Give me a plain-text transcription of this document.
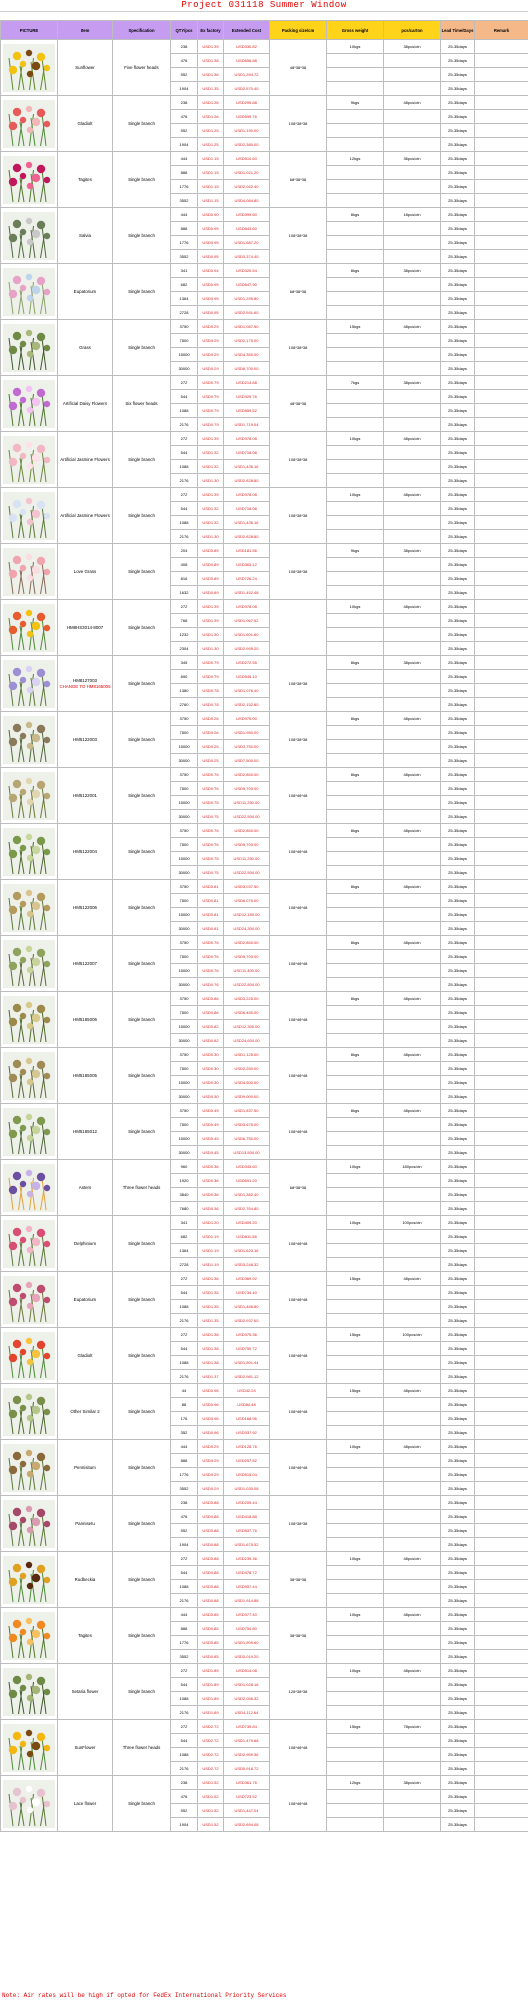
Project 031118 Summer Window
PICTURE	Item	Specification	QTY/pcs	Ex factory	Extended Cost	Packing size/cm	Gross weight	pcs/carton	Lead Time/Days	Remark

	Sunflower	Five flower heads	238	USD1.39	USD330.82	48*38*38	10kgs	38pcs/ctn	25-35days	
			476	USD1.38	USD656.88				25-35days	
			952	USD1.36	USD1,294.72				25-35days	
			1904	USD1.35	USD2,570.40				25-35days	

	Gladiolt	Single branch	238	USD1.26	USD299.88	108*38*38	9kgs	48pcs/ctn	25-35days	
			476	USD1.26	USD599.76				25-35days	
			952	USD1.25	USD1,190.00				25-35days	
			1904	USD1.25	USD2,380.00				25-35days	

	Tagites	Single branch	444	USD1.15	USD510.60	68*38*38	12kgs	36pcs/ctn	25-35days	
			888	USD1.15	USD1,021.20				25-35days	
			1776	USD1.15	USD2,042.40				25-35days	
			3552	USD1.15	USD4,084.80				25-35days	

	Salvia	Single branch	444	USD0.90	USD399.60	108*38*38	8kgs	18pcs/ctn	25-35days	
			888	USD0.95	USD843.60				25-35days	
			1776	USD0.95	USD1,687.20				25-35days	
			3552	USD0.95	USD3,374.40				25-35days	

	Eupatorium	Single branch	341	USD0.94	USD320.54	68*38*38	8kgs	38pcs/ctn	25-35days	
			682	USD0.95	USD647.90				25-35days	
			1364	USD0.95	USD1,295.80				25-35days	
			2728	USD0.95	USD2,591.60				25-35days	

	Grass	Single branch	3750	USD0.29	USD1,087.50	108*38*38	15kgs	48pcs/ctn	25-35days	
			7500	USD0.29	USD2,175.00				25-35days	
			15000	USD0.29	USD4,350.00				25-35days	
			30000	USD0.29	USD8,700.00				25-35days	

	Artificial Daisy Flowers	Six flower heads	272	USD0.79	USD214.88	48*38*38	7kgs	38pcs/ctn	25-35days	
			544	USD0.79	USD429.76				25-35days	
			1088	USD0.79	USD859.52				25-35days	
			2176	USD0.79	USD1,719.04				25-35days	

	Artificial Jasmine Flowers	Single branch	272	USD1.39	USD378.08	108*38*38	10kgs	48pcs/ctn	25-35days	
			544	USD1.32	USD718.08				25-35days	
			1088	USD1.32	USD1,436.16				25-35days	
			2176	USD1.30	USD2,828.80				25-35days	

	Artificial Jasmine Flowers	Single branch	272	USD1.39	USD378.08	108*38*38	10kgs	48pcs/ctn	25-35days	
			544	USD1.32	USD718.08				25-35days	
			1088	USD1.32	USD1,436.16				25-35days	
			2176	USD1.30	USD2,828.80				25-35days	

	Love Grass	Single branch	204	USD0.89	USD181.56	108*38*38	9kgs	38pcs/ctn	25-35days	
			408	USD0.89	USD363.12				25-35days	
			816	USD0.89	USD726.24				25-35days	
			1632	USD0.89	USD1,452.48				25-35days	

	HM8HS3014-8007	Single branch	272	USD1.39	USD378.08		10kgs	48pcs/ctn	25-35days	
			768	USD1.39	USD1,067.52				25-35days	
			1232	USD1.30	USD1,601.60				25-35days	
			2304	USD1.30	USD2,995.20				25-35days	

	HM8127003
CHANGE TO HM8165005	Single branch	345	USD0.79	USD272.55	108*38*38	8kgs	38pcs/ctn	25-35days	
			690	USD0.79	USD545.10				25-35days	
			1380	USD0.78	USD1,076.40				25-35days	
			2760	USD0.78	USD2,152.80				25-35days	

	HM5122003	Single branch	3750	USD0.26	USD975.00	108*38*38	8kgs	48pcs/ctn	25-35days	
			7500	USD0.26	USD1,950.00				25-35days	
			15000	USD0.25	USD3,750.00				25-35days	
			30000	USD0.25	USD7,500.00				25-35days	

	HM5122001	Single branch	3750	USD0.76	USD2,850.00	108*48*48	8kgs	48pcs/ctn	25-35days	
			7500	USD0.76	USD5,700.00				25-35days	
			15000	USD0.75	USD11,250.00				25-35days	
			30000	USD0.75	USD22,500.00				25-35days	

	HM5122004	Single branch	3750	USD0.76	USD2,850.00	108*48*48	8kgs	48pcs/ctn	25-35days	
			7500	USD0.76	USD5,700.00				25-35days	
			15000	USD0.75	USD11,250.00				25-35days	
			30000	USD0.75	USD22,500.00				25-35days	

	HM5122006	Single branch	3750	USD0.81	USD3,037.50	108*48*48	8kgs	48pcs/ctn	25-35days	
			7500	USD0.81	USD6,075.00				25-35days	
			15000	USD0.81	USD12,150.00				25-35days	
			30000	USD0.81	USD24,300.00				25-35days	

	HM5122007	Single branch	3750	USD0.76	USD2,850.00	108*48*48	8kgs	48pcs/ctn	25-35days	
			7500	USD0.76	USD5,700.00				25-35days	
			15000	USD0.76	USD11,400.00				25-35days	
			30000	USD0.76	USD22,800.00				25-35days	

	HM5165006	Single branch	3750	USD0.86	USD3,225.00	108*48*48	8kgs	48pcs/ctn	25-35days	
			7500	USD0.86	USD6,450.00				25-35days	
			15000	USD0.82	USD12,300.00				25-35days	
			30000	USD0.82	USD24,600.00				25-35days	

	HM5165005	Single branch	3750	USD0.30	USD1,125.00	108*48*48	8kgs	48pcs/ctn	25-35days	
			7500	USD0.30	USD2,250.00				25-35days	
			15000	USD0.30	USD4,500.00				25-35days	
			30000	USD0.30	USD9,000.00				25-35days	

	HM5165012	Single branch	3750	USD0.49	USD1,837.50	108*48*48	8kgs	48pcs/ctn	25-35days	
			7500	USD0.49	USD3,675.00				25-35days	
			15000	USD0.45	USD6,750.00				25-35days	
			30000	USD0.45	USD13,500.00				25-35days	

	Asters	Three flower heads	960	USD0.36	USD345.60	68*38*38	10kgs	180pcs/ctn	25-35days	
			1920	USD0.36	USD691.20				25-35days	
			3840	USD0.36	USD1,382.40				25-35days	
			7680	USD0.36	USD2,764.80				25-35days	

	Delphinium	Single branch	341	USD1.20	USD409.20	108*48*48	10kgs	100pcs/ctn	25-35days	
			682	USD1.19	USD811.58				25-35days	
			1364	USD1.19	USD1,623.16				25-35days	
			2728	USD1.19	USD3,246.32				25-35days	

	Eupatorium	Single branch	272	USD1.36	USD369.92	108*48*48	15kgs	48pcs/ctn	25-35days	
			544	USD1.35	USD734.40				25-35days	
			1088	USD1.35	USD1,468.80				25-35days	
			2176	USD1.35	USD2,937.60				25-35days	

	Gladiolt	Single branch	272	USD1.38	USD375.36	108*48*48	15kgs	100pcs/ctn	25-35days	
			544	USD1.38	USD750.72				25-35days	
			1088	USD1.38	USD1,501.44				25-35days	
			2176	USD1.37	USD2,981.12				25-35days	

	Other Similar 2	Single branch	44	USD0.96	USD42.24	108*48*48	15kgs	48pcs/ctn	25-35days	
			88	USD0.96	USD84.48				25-35days	
			176	USD0.96	USD168.96				25-35days	
			352	USD0.96	USD337.92				25-35days	

	Pennisitum	Single branch	444	USD0.29	USD128.76	108*48*48	10kgs	48pcs/ctn	25-35days	
			888	USD0.29	USD257.52				25-35days	
			1776	USD0.29	USD515.04				25-35days	
			3552	USD0.29	USD1,030.08				25-35days	

	Pannisetu	Single branch	238	USD0.88	USD209.44	108*38*38			25-35days	
			476	USD0.88	USD418.88				25-35days	
			952	USD0.88	USD837.76				25-35days	
			1904	USD0.88	USD1,675.52				25-35days	

	Rudbeckia	Single branch	272	USD0.88	USD239.36	38*38*38	10kgs	48pcs/ctn	25-35days	
			544	USD0.88	USD478.72				25-35days	
			1088	USD0.88	USD957.44				25-35days	
			2176	USD0.88	USD1,914.88				25-35days	

	Tagites	Single branch	444	USD0.85	USD377.40	38*38*38	10kgs	48pcs/ctn	25-35days	
			888	USD0.85	USD754.80				25-35days	
			1776	USD0.85	USD1,509.60				25-35days	
			3552	USD0.85	USD3,019.20				25-35days	

	Setaria flower	Single branch	272	USD1.89	USD514.08	128*38*38	10kgs	48pcs/ctn	25-35days	
			544	USD1.89	USD1,028.16				25-35days	
			1088	USD1.89	USD2,056.32				25-35days	
			2176	USD1.89	USD4,112.64				25-35days	

	SunFlower	Three flower heads	272	USD2.72	USD739.84	108*48*48	15kgs	78pcs/ctn	25-35days	
			544	USD2.72	USD1,479.68				25-35days	
			1088	USD2.72	USD2,959.36				25-35days	
			2176	USD2.72	USD5,918.72				25-35days	

	Lace flower	Single branch	238	USD1.52	USD361.76	108*48*48	12kgs	38pcs/ctn	25-35days	
			476	USD1.52	USD723.52				25-35days	
			952	USD1.52	USD1,447.04				25-35days	
			1904	USD1.52	USD2,894.08				25-35days	
Note: Air rates will be high if opted for FedEx International Priority Services
